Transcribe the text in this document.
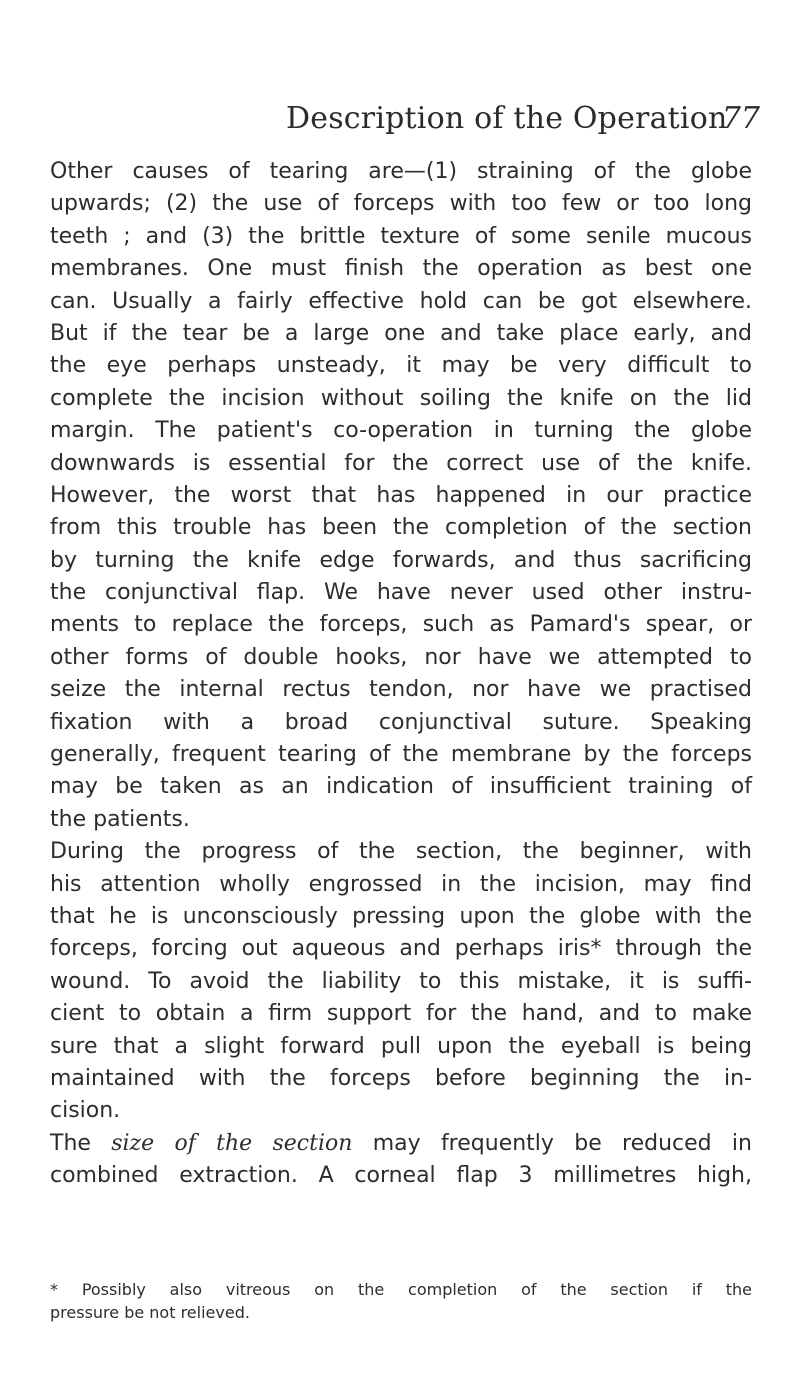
Description of the Operation
77
Other causes of tearing are—(1) straining of the globe
upwards; (2) the use of forceps with too few or too long
teeth ; and (3) the brittle texture of some senile mucous
membranes. One must finish the operation as best one
can. Usually a fairly effective hold can be got elsewhere.
But if the tear be a large one and take place early, and
the eye perhaps unsteady, it may be very difficult to
complete the incision without soiling the knife on the lid
margin. The patient's co-operation in turning the globe
downwards is essential for the correct use of the knife.
However, the worst that has happened in our practice
from this trouble has been the completion of the section
by turning the knife edge forwards, and thus sacrificing
the conjunctival flap. We have never used other instru-
ments to replace the forceps, such as Pamard's spear, or
other forms of double hooks, nor have we attempted to
seize the internal rectus tendon, nor have we practised
fixation with a broad conjunctival suture. Speaking
generally, frequent tearing of the membrane by the forceps
may be taken as an indication of insufficient training of
the patients.
During the progress of the section, the beginner, with
his attention wholly engrossed in the incision, may find
that he is unconsciously pressing upon the globe with the
forceps, forcing out aqueous and perhaps iris* through the
wound. To avoid the liability to this mistake, it is suffi-
cient to obtain a firm support for the hand, and to make
sure that a slight forward pull upon the eyeball is being
maintained with the forceps before beginning the in-
cision.
The size of the section may frequently be reduced in
combined extraction. A corneal flap 3 millimetres high,
* Possibly also vitreous on the completion of the section if the
pressure be not relieved.
